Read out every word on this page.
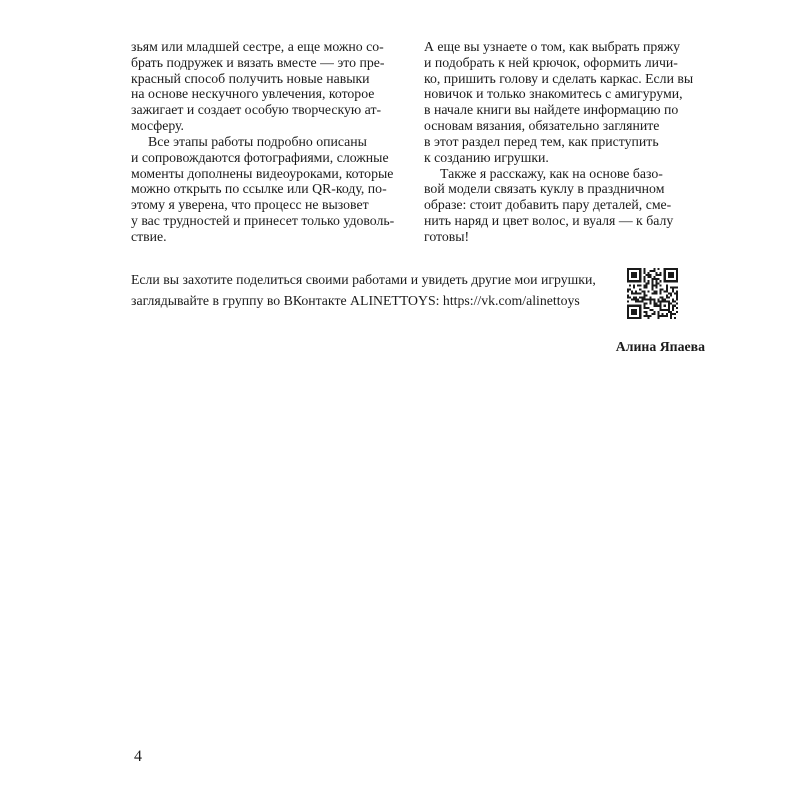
зьям или младшей сестре, а еще можно со-
брать подружек и вязать вместе — это пре-
красный способ получить новые навыки
на основе нескучного увлечения, которое
зажигает и создает особую творческую ат-
мосферу.
Все этапы работы подробно описаны
и сопровождаются фотографиями, сложные
моменты дополнены видеоуроками, которые
можно открыть по ссылке или QR-коду, по-
этому я уверена, что процесс не вызовет
у вас трудностей и принесет только удоволь-
ствие.
А еще вы узнаете о том, как выбрать пряжу
и подобрать к ней крючок, оформить личи-
ко, пришить голову и сделать каркас. Если вы
новичок и только знакомитесь с амигуруми,
в начале книги вы найдете информацию по
основам вязания, обязательно загляните
в этот раздел перед тем, как приступить
к созданию игрушки.
Также я расскажу, как на основе базо-
вой модели связать куклу в праздничном
образе: стоит добавить пару деталей, сме-
нить наряд и цвет волос, и вуаля — к балу
готовы!
Если вы захотите поделиться своими работами и увидеть другие мои игрушки,
заглядывайте в группу во ВКонтакте ALINETTOYS: https://vk.com/alinettoys
Алина Япаева
4
